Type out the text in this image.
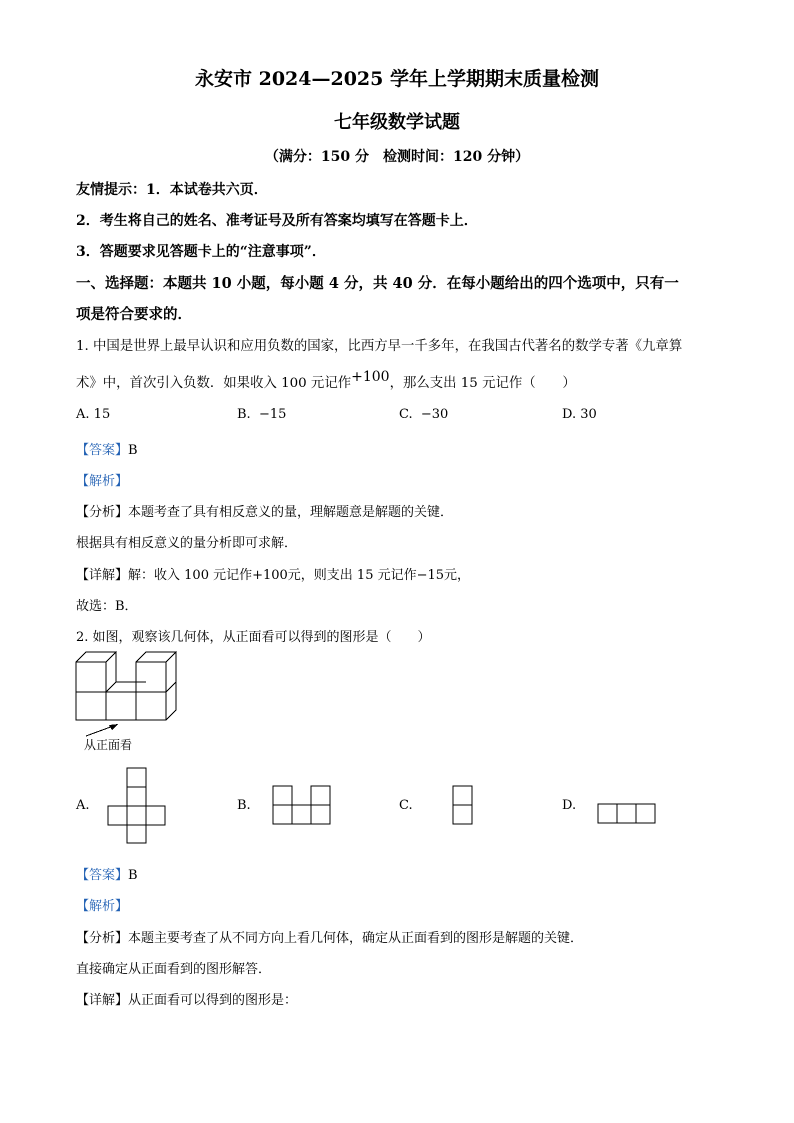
永安市 2024—2025 学年上学期期末质量检测
七年级数学试题
（满分：150 分　检测时间：120 分钟）
友情提示：1．本试卷共六页．
2．考生将自己的姓名、准考证号及所有答案均填写在答题卡上．
3．答题要求见答题卡上的“注意事项”．
一、选择题：本题共 10 小题，每小题 4 分，共 40 分．在每小题给出的四个选项中，只有一
项是符合要求的．
1. 中国是世界上最早认识和应用负数的国家，比西方早一千多年，在我国古代著名的数学专著《九章算
术》中，首次引入负数．如果收入 100 元记作+100，那么支出 15 元记作（　　）
A. 15	B. −15	C. −30	D. 30
【答案】B
【解析】
【分析】本题考查了具有相反意义的量，理解题意是解题的关键．
根据具有相反意义的量分析即可求解．
【详解】解：收入 100 元记作+100元，则支出 15 元记作−15元，
故选：B．
2. 如图，观察该几何体，从正面看可以得到的图形是（　　）
从正面看
A.	B.	C.	D.
【答案】B
【解析】
【分析】本题主要考查了从不同方向上看几何体，确定从正面看到的图形是解题的关键．
直接确定从正面看到的图形解答．
【详解】从正面看可以得到的图形是：
